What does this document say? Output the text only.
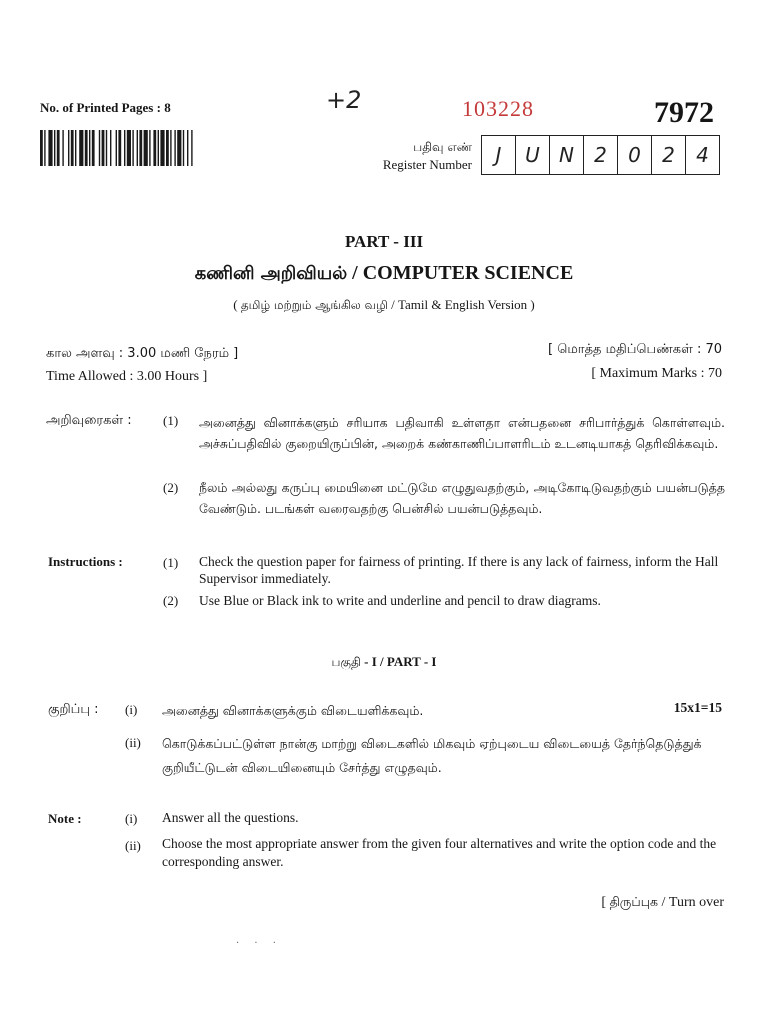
No. of Printed Pages : 8	+2	103228	7972
பதிவு எண்
Register Number	J	U N	2	0	2	4
PART - III
கணினி அறிவியல் / COMPUTER SCIENCE
( தமிழ் மற்றும் ஆங்கில வழி / Tamil & English Version )
கால அளவு : 3.00 மணி நேரம் ]
Time Allowed : 3.00 Hours ]
[ மொத்த மதிப்பெண்கள் : 70
[ Maximum Marks : 70
அறிவுரைகள் : (1) அனைத்து வினாக்களும் சரியாக பதிவாகி உள்ளதா என்பதனை சரிபார்த்துக் கொள்ளவும். அச்சுப்பதிவில் குறையிருப்பின், அறைக் கண்காணிப்பாளரிடம் உடனடியாகத் தெரிவிக்கவும்.
(2) நீலம் அல்லது கருப்பு மையினை மட்டுமே எழுதுவதற்கும், அடிகோடிடுவதற்கும் பயன்படுத்த வேண்டும். படங்கள் வரைவதற்கு பென்சில் பயன்படுத்தவும்.
Instructions :	(1) Check the question paper for fairness of printing. If there is any lack of fairness, inform the Hall Supervisor immediately.
(2) Use Blue or Black ink to write and underline and pencil to draw diagrams.
பகுதி - I / PART - I
குறிப்பு : (i) அனைத்து வினாக்களுக்கும் விடையளிக்கவும்.	15x1=15
(ii) கொடுக்கப்பட்டுள்ள நான்கு மாற்று விடைகளில் மிகவும் ஏற்புடைய விடையைத் தேர்ந்தெடுத்துக் குறியீட்டுடன் விடையினையும் சேர்த்து எழுதவும்.
Note :	(i) Answer all the questions.
(ii) Choose the most appropriate answer from the given four alternatives and write the option code and the corresponding answer.
[ திருப்புக / Turn over
· · ·
